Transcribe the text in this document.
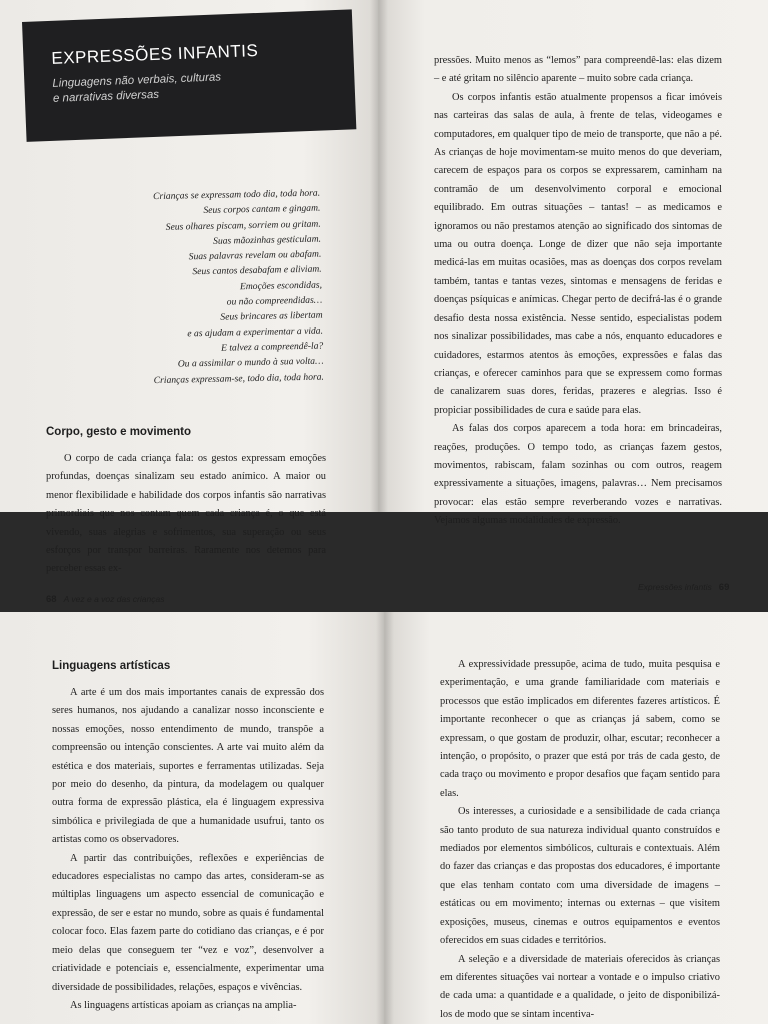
EXPRESSÕES INFANTIS
Linguagens não verbais, culturas
e narrativas diversas
Crianças se expressam todo dia, toda hora.
Seus corpos cantam e gingam.
Seus olhares piscam, sorriem ou gritam.
Suas mãozinhas gesticulam.
Suas palavras revelam ou abafam.
Seus cantos desabafam e aliviam.
Emoções escondidas,
ou não compreendidas…
Seus brincares as libertam
e as ajudam a experimentar a vida.
E talvez a compreendê-la?
Ou a assimilar o mundo à sua volta…
Crianças expressam-se, todo dia, toda hora.
Corpo, gesto e movimento

O corpo de cada criança fala: os gestos expressam emoções profundas, doenças sinalizam seu estado anímico. A maior ou menor flexibilidade e habilidade dos corpos infantis são narrativas primordiais que nos contam quem cada criança é, o que está vivendo, suas alegrias e sofrimentos, sua superação ou seus esforços por transpor barreiras. Raramente nos detemos para perceber essas ex-

pressões. Muito menos as “lemos” para compreendê-las: elas dizem – e até gritam no silêncio aparente – muito sobre cada criança.

Os corpos infantis estão atualmente propensos a ficar imóveis nas carteiras das salas de aula, à frente de telas, videogames e computadores, em qualquer tipo de meio de transporte, que não a pé. As crianças de hoje movimentam-se muito menos do que deveriam, carecem de espaços para os corpos se expressarem, caminham na contramão de um desenvolvimento corporal e emocional equilibrado. Em outras situações – tantas! – as medicamos e ignoramos ou não prestamos atenção ao significado dos sintomas de uma ou outra doença. Longe de dizer que não seja importante medicá-las em muitas ocasiões, mas as doenças dos corpos revelam também, tantas e tantas vezes, sintomas e mensagens de feridas e doenças psíquicas e anímicas. Chegar perto de decifrá-las é o grande desafio desta nossa existência. Nesse sentido, especialistas podem nos sinalizar possibilidades, mas cabe a nós, enquanto educadores e cuidadores, estarmos atentos às emoções, expressões e falas das crianças, e oferecer caminhos para que se expressem como formas de canalizarem suas dores, feridas, prazeres e alegrias. Isso é propiciar possibilidades de cura e saúde para elas.

As falas dos corpos aparecem a toda hora: em brincadeiras, reações, produções. O tempo todo, as crianças fazem gestos, movimentos, rabiscam, falam sozinhas ou com outros, reagem expressivamente a situações, imagens, palavras… Nem precisamos provocar: elas estão sempre reverberando vozes e narrativas. Vejamos algumas modalidades de expressão.

68 A vez e a voz das crianças
Expressões infantis 69
Linguagens artísticas

A arte é um dos mais importantes canais de expressão dos seres humanos, nos ajudando a canalizar nosso inconsciente e nossas emoções, nosso entendimento de mundo, transpõe a compreensão ou intenção conscientes. A arte vai muito além da estética e dos materiais, suportes e ferramentas utilizadas. Seja por meio do desenho, da pintura, da modelagem ou qualquer outra forma de expressão plástica, ela é linguagem expressiva simbólica e privilegiada de que a humanidade usufrui, tanto os artistas como os observadores.

A partir das contribuições, reflexões e experiências de educadores especialistas no campo das artes, consideram-se as múltiplas linguagens um aspecto essencial de comunicação e expressão, de ser e estar no mundo, sobre as quais é fundamental colocar foco. Elas fazem parte do cotidiano das crianças, e é por meio delas que conseguem ter “vez e voz”, desenvolver a criatividade e potenciais e, essencialmente, experimentar uma diversidade de possibilidades, relações, espaços e vivências.

As linguagens artísticas apoiam as crianças na amplia-

A expressividade pressupõe, acima de tudo, muita pesquisa e experimentação, e uma grande familiaridade com materiais e processos que estão implicados em diferentes fazeres artísticos. É importante reconhecer o que as crianças já sabem, como se expressam, o que gostam de produzir, olhar, escutar; reconhecer a intenção, o propósito, o prazer que está por trás de cada gesto, de cada traço ou movimento e propor desafios que façam sentido para elas.

Os interesses, a curiosidade e a sensibilidade de cada criança são tanto produto de sua natureza individual quanto construídos e mediados por elementos simbólicos, culturais e contextuais. Além do fazer das crianças e das propostas dos educadores, é importante que elas tenham contato com uma diversidade de imagens – estáticas ou em movimento; internas ou externas – que visitem exposições, museus, cinemas e outros equipamentos e eventos oferecidos em suas cidades e territórios.

A seleção e a diversidade de materiais oferecidos às crianças em diferentes situações vai nortear a vontade e o impulso criativo de cada uma: a quantidade e a qualidade, o jeito de disponibilizá-los de modo que se sintam incentiva-
